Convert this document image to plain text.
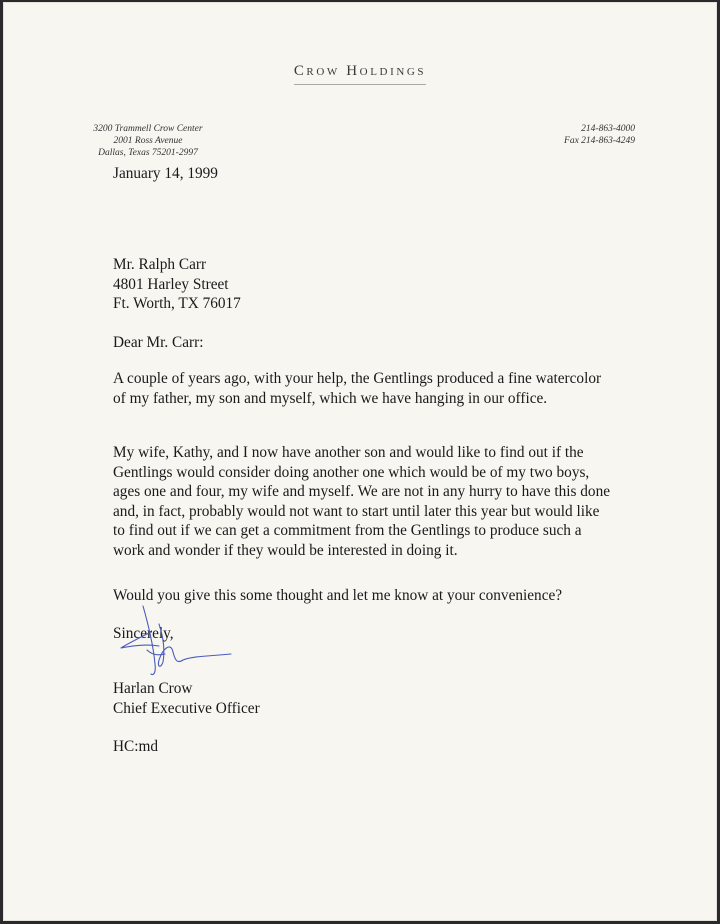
Crow Holdings
3200 Trammell Crow Center
2001 Ross Avenue
Dallas, Texas 75201-2997
214-863-4000
Fax 214-863-4249
January 14, 1999
Mr. Ralph Carr
4801 Harley Street
Ft. Worth, TX 76017
Dear Mr. Carr:
A couple of years ago, with your help, the Gentlings produced a fine watercolor of my father, my son and myself, which we have hanging in our office.
My wife, Kathy, and I now have another son and would like to find out if the Gentlings would consider doing another one which would be of my two boys, ages one and four, my wife and myself. We are not in any hurry to have this done and, in fact, probably would not want to start until later this year but would like to find out if we can get a commitment from the Gentlings to produce such a work and wonder if they would be interested in doing it.
Would you give this some thought and let me know at your convenience?
Sincerely,
Harlan Crow
Chief Executive Officer
HC:md
